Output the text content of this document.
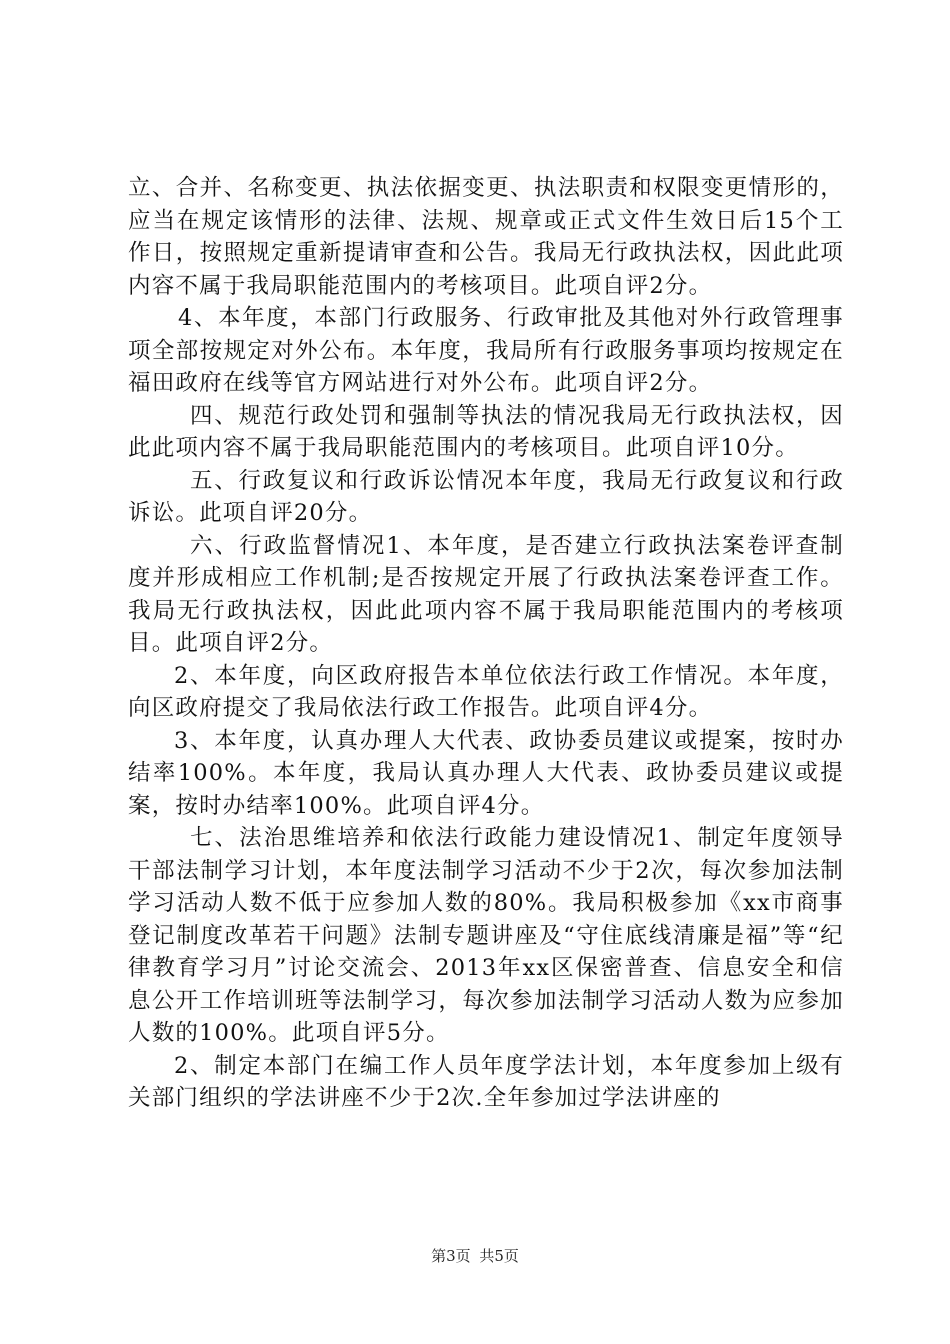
立、合并、名称变更、执法依据变更、执法职责和权限变更情形的，应当在规定该情形的法律、法规、规章或正式文件生效日后15个工作日，按照规定重新提请审查和公告。我局无行政执法权，因此此项内容不属于我局职能范围内的考核项目。此项自评2分。

4、本年度，本部门行政服务、行政审批及其他对外行政管理事项全部按规定对外公布。本年度，我局所有行政服务事项均按规定在福田政府在线等官方网站进行对外公布。此项自评2分。

四、规范行政处罚和强制等执法的情况我局无行政执法权，因此此项内容不属于我局职能范围内的考核项目。此项自评10分。

五、行政复议和行政诉讼情况本年度，我局无行政复议和行政诉讼。此项自评20分。

六、行政监督情况1、本年度，是否建立行政执法案卷评查制度并形成相应工作机制;是否按规定开展了行政执法案卷评查工作。我局无行政执法权，因此此项内容不属于我局职能范围内的考核项目。此项自评2分。

2、本年度，向区政府报告本单位依法行政工作情况。本年度，向区政府提交了我局依法行政工作报告。此项自评4分。

3、本年度，认真办理人大代表、政协委员建议或提案，按时办结率100%。本年度，我局认真办理人大代表、政协委员建议或提案，按时办结率100%。此项自评4分。

七、法治思维培养和依法行政能力建设情况1、制定年度领导干部法制学习计划，本年度法制学习活动不少于2次，每次参加法制学习活动人数不低于应参加人数的80%。我局积极参加《xx市商事登记制度改革若干问题》法制专题讲座及“守住底线清廉是福”等“纪律教育学习月”讨论交流会、2013年xx区保密普查、信息安全和信息公开工作培训班等法制学习，每次参加法制学习活动人数为应参加人数的100%。此项自评5分。

2、制定本部门在编工作人员年度学法计划，本年度参加上级有关部门组织的学法讲座不少于2次.全年参加过学法讲座的

第3页 共5页
